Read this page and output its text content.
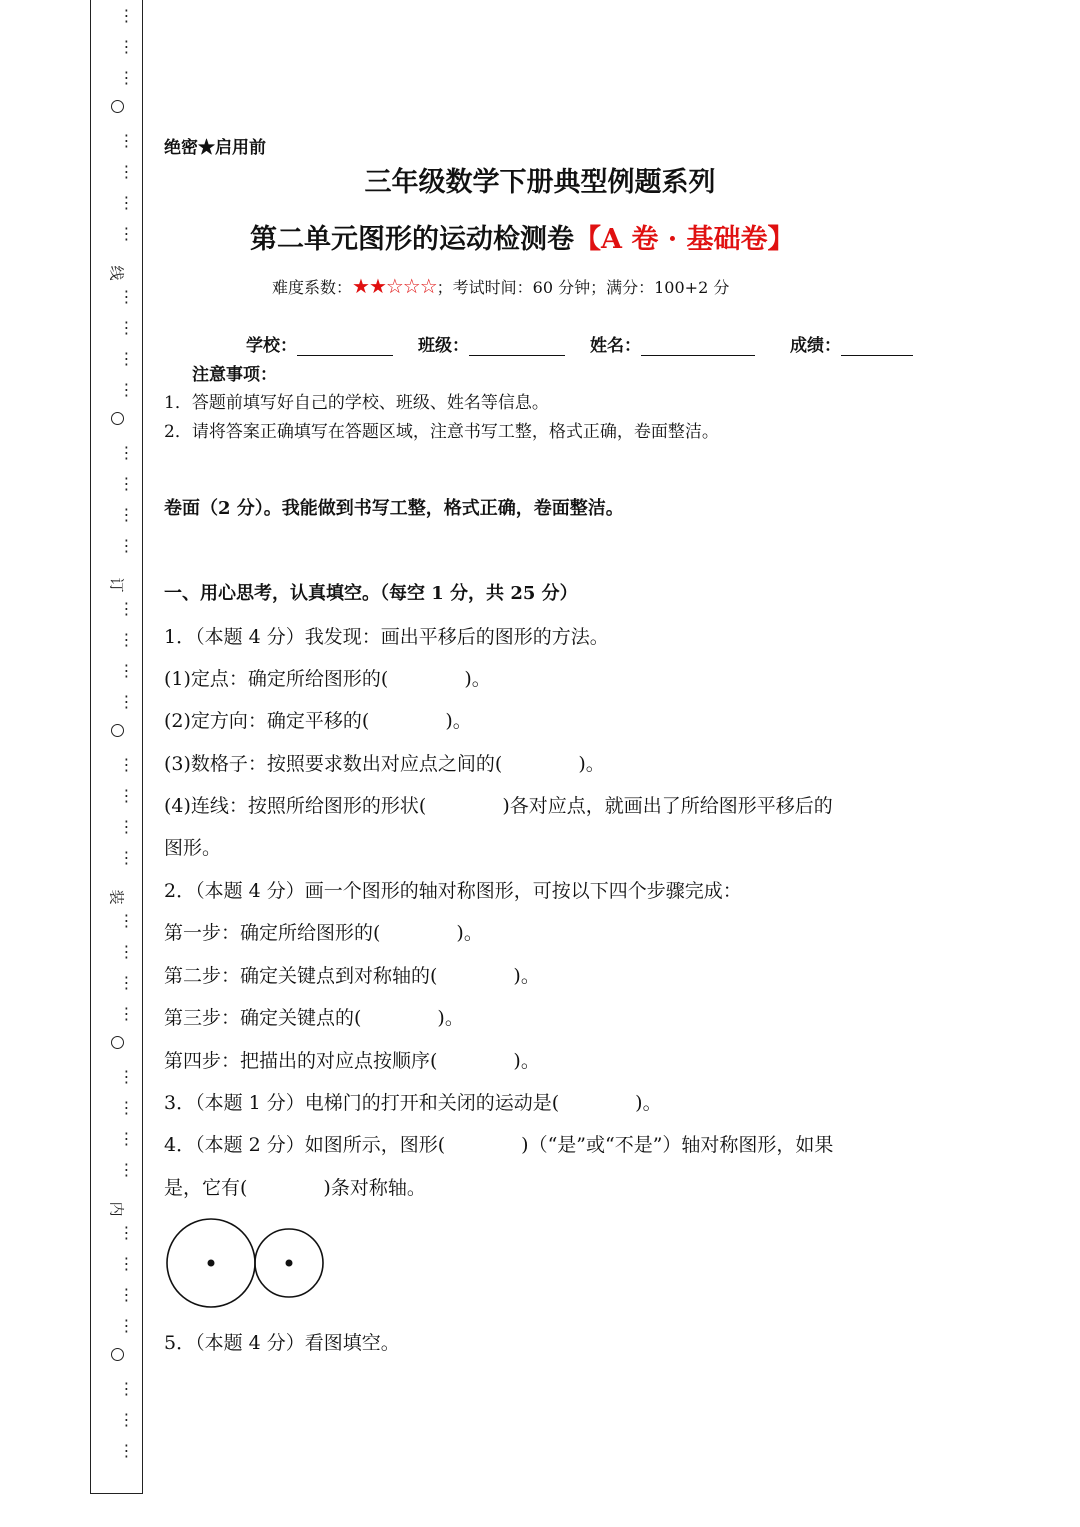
⋮
⋮
⋮
⋮
⋮
⋮
⋮
线
⋮
⋮
⋮
⋮
⋮
⋮
⋮
⋮
订
⋮
⋮
⋮
⋮
⋮
⋮
⋮
⋮
装
⋮
⋮
⋮
⋮
⋮
⋮
⋮
⋮
内
⋮
⋮
⋮
⋮
⋮
⋮
⋮
绝密★启用前
三年级数学下册典型例题系列
第二单元图形的运动检测卷【A 卷 · 基础卷】
难度系数：★★☆☆☆；考试时间：60 分钟；满分：100+2 分
学校：	班级：	姓名：	成绩：
注意事项：
1．答题前填写好自己的学校、班级、姓名等信息。
2．请将答案正确填写在答题区域，注意书写工整，格式正确，卷面整洁。
卷面（2 分）。我能做到书写工整，格式正确，卷面整洁。
一、用心思考，认真填空。（每空 1 分，共 25 分）
1．（本题 4 分）我发现：画出平移后的图形的方法。
(1)定点：确定所给图形的(　　　　)。
(2)定方向：确定平移的(　　　　)。
(3)数格子：按照要求数出对应点之间的(　　　　)。
(4)连线：按照所给图形的形状(　　　　)各对应点，就画出了所给图形平移后的
图形。
2．（本题 4 分）画一个图形的轴对称图形，可按以下四个步骤完成：
第一步：确定所给图形的(　　　　)。
第二步：确定关键点到对称轴的(　　　　)。
第三步：确定关键点的(　　　　)。
第四步：把描出的对应点按顺序(　　　　)。
3．（本题 1 分）电梯门的打开和关闭的运动是(　　　　)。
4．（本题 2 分）如图所示，图形(　　　　)（“是”或“不是”）轴对称图形，如果
是，它有(　　　　)条对称轴。
5．（本题 4 分）看图填空。
